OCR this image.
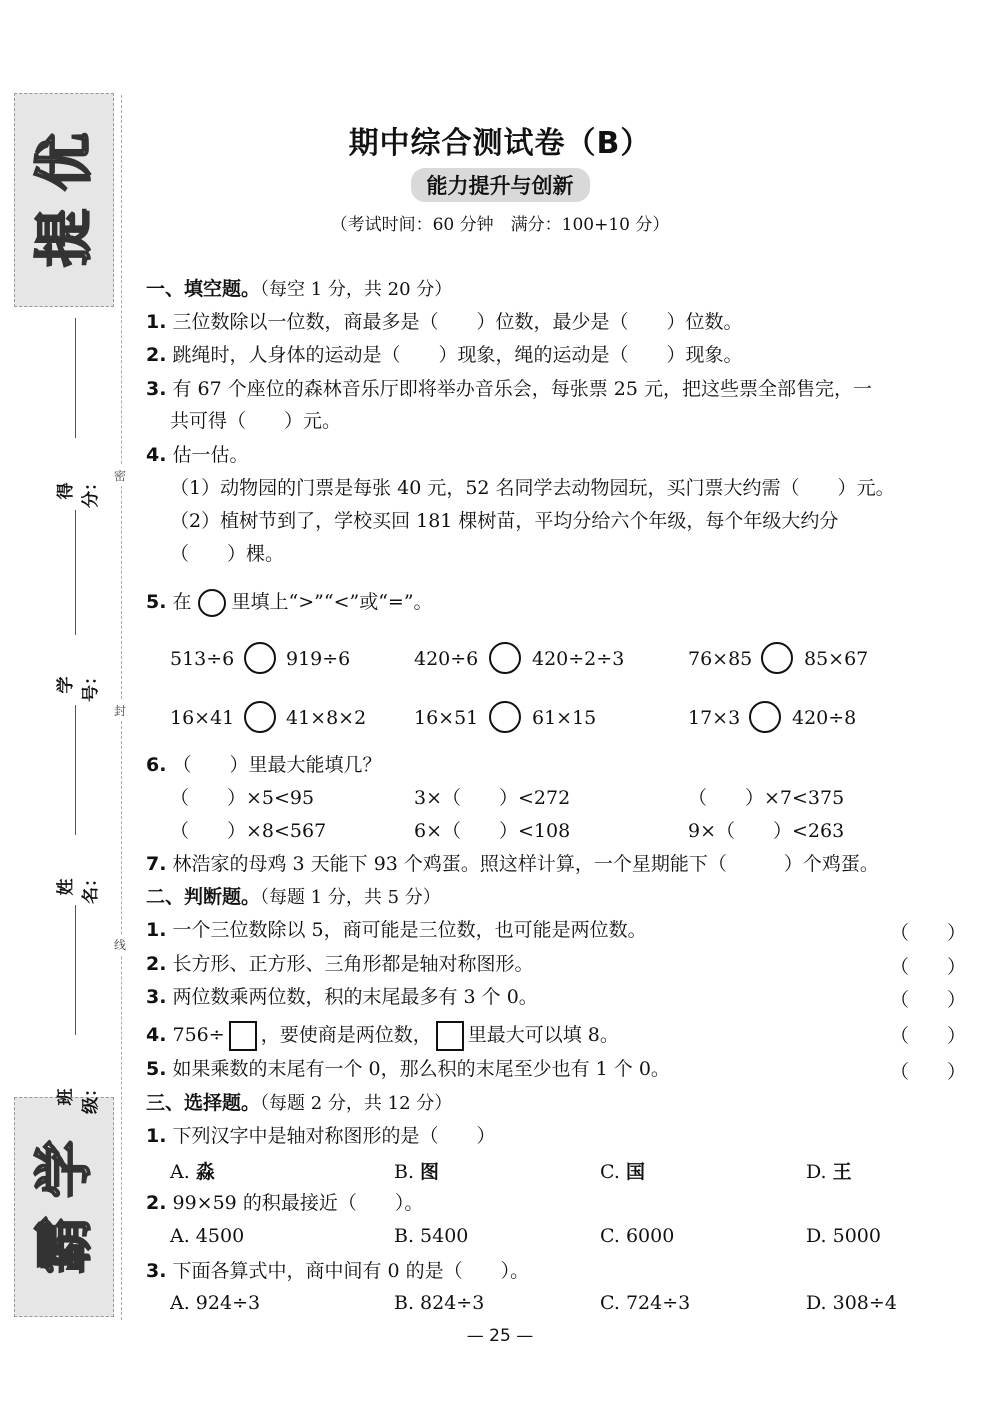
优
提
学
霸
得分：
学号：
姓名：
班级：
密
封
线
期中综合测试卷（B）
能力提升与创新
（考试时间：60 分钟　满分：100+10 分）
一、填空题。（每空 1 分，共 20 分）
1. 三位数除以一位数，商最多是（　　）位数，最少是（　　）位数。
2. 跳绳时，人身体的运动是（　　）现象，绳的运动是（　　）现象。
3. 有 67 个座位的森林音乐厅即将举办音乐会，每张票 25 元，把这些票全部售完，一
共可得（　　）元。
4. 估一估。
（1）动物园的门票是每张 40 元，52 名同学去动物园玩，买门票大约需（　　）元。
（2）植树节到了，学校买回 181 棵树苗，平均分给六个年级，每个年级大约分
（　　）棵。
5. 在 里填上“>”“<”或“=”。
513÷6	919÷6	420÷6	420÷2÷3	76×85	85×67
16×41	41×8×2	16×51	61×15	17×3	420÷8
6. （　　）里最大能填几？
（　　）×5<95	3×（　　）<272	（　　）×7<375
（　　）×8<567	6×（　　）<108	9×（　　）<263
7. 林浩家的母鸡 3 天能下 93 个鸡蛋。照这样计算，一个星期能下（　　　）个鸡蛋。
二、判断题。（每题 1 分，共 5 分）
1. 一个三位数除以 5，商可能是三位数，也可能是两位数。	（　　）
2. 长方形、正方形、三角形都是轴对称图形。	（　　）
3. 两位数乘两位数，积的末尾最多有 3 个 0。	（　　）
4. 756÷ ，要使商是两位数， 里最大可以填 8。	（　　）
5. 如果乘数的末尾有一个 0，那么积的末尾至少也有 1 个 0。	（　　）
三、选择题。（每题 2 分，共 12 分）
1. 下列汉字中是轴对称图形的是（　　）
A. 淼	B. 图	C. 国	D. 王
2. 99×59 的积最接近（　　）。
A. 4500	B. 5400	C. 6000	D. 5000
3. 下面各算式中，商中间有 0 的是（　　）。
A. 924÷3	B. 824÷3	C. 724÷3	D. 308÷4
— 25 —
